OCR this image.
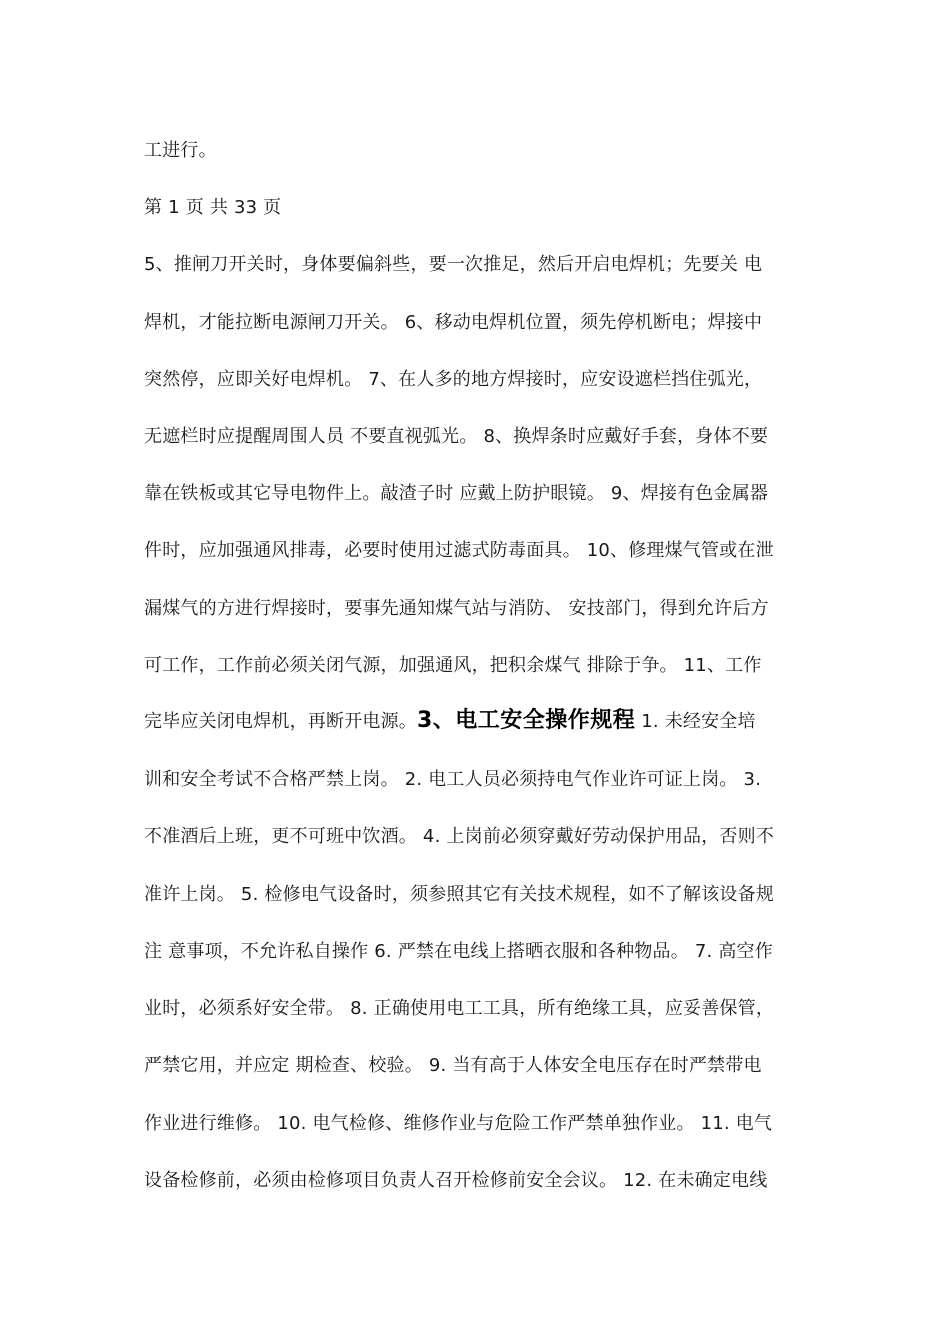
工进行。
第 1 页 共 33 页
5、推闸刀开关时，身体要偏斜些，要一次推足，然后开启电焊机；先要关 电
焊机，才能拉断电源闸刀开关。 6、移动电焊机位置，须先停机断电；焊接中
突然停，应即关好电焊机。 7、在人多的地方焊接时，应安设遮栏挡住弧光，
无遮栏时应提醒周围人员 不要直视弧光。 8、换焊条时应戴好手套，身体不要
靠在铁板或其它导电物件上。敲渣子时 应戴上防护眼镜。 9、焊接有色金属器
件时，应加强通风排毒，必要时使用过滤式防毒面具。 10、修理煤气管或在泄
漏煤气的方进行焊接时，要事先通知煤气站与消防、 安技部门，得到允许后方
可工作，工作前必须关闭气源，加强通风，把积余煤气 排除于争。 11、工作
完毕应关闭电焊机，再断开电源。3、电工安全操作规程 1. 未经安全培
训和安全考试不合格严禁上岗。 2. 电工人员必须持电气作业许可证上岗。 3.
不准酒后上班，更不可班中饮酒。 4. 上岗前必须穿戴好劳动保护用品，否则不
准许上岗。 5. 检修电气设备时，须参照其它有关技术规程，如不了解该设备规
注 意事项，不允许私自操作 6. 严禁在电线上搭晒衣服和各种物品。 7. 高空作
业时，必须系好安全带。 8. 正确使用电工工具，所有绝缘工具，应妥善保管，
严禁它用，并应定 期检查、校验。 9. 当有高于人体安全电压存在时严禁带电
作业进行维修。 10. 电气检修、维修作业与危险工作严禁单独作业。 11. 电气
设备检修前，必须由检修项目负责人召开检修前安全会议。 12. 在未确定电线
